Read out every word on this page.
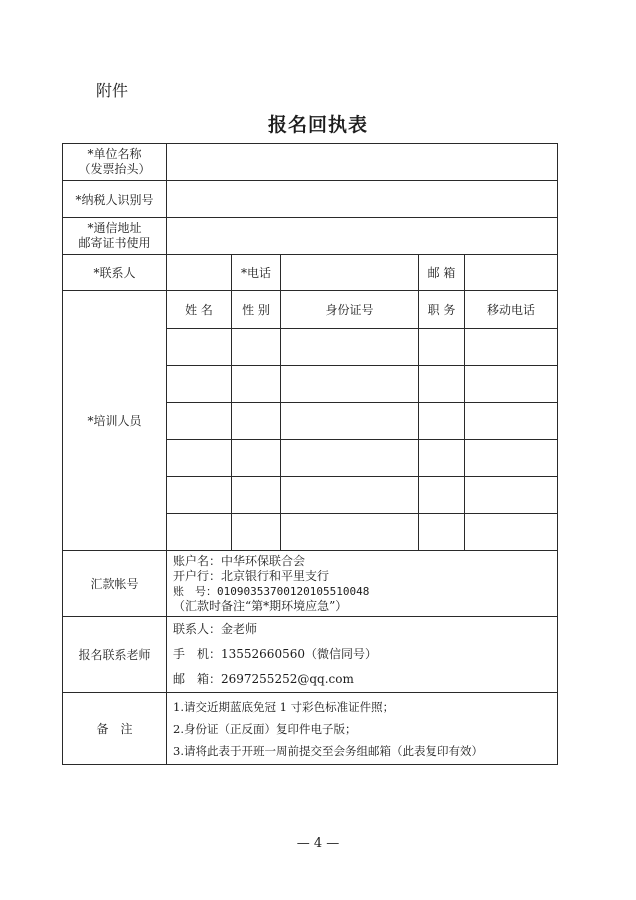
附件
报名回执表
*单位名称
（发票抬头）					

*纳税人识别号					

*通信地址
邮寄证书使用					

*联系人		*电话		邮 箱	
*培训人员	姓 名	性 别	身份证号	职 务	移动电话

汇款帐号	账户名：中华环保联合会
开户行：北京银行和平里支行
账　号：01090353700120105510048
（汇款时备注“第*期环境应急”）				

报名联系老师	联系人：金老师
手　机：13552660560（微信同号）
邮　箱：2697255252@qq.com				

备　注	1.请交近期蓝底免冠 1 寸彩色标准证件照；
2.身份证（正反面）复印件电子版；
3.请将此表于开班一周前提交至会务组邮箱（此表复印有效）				
— 4 —
